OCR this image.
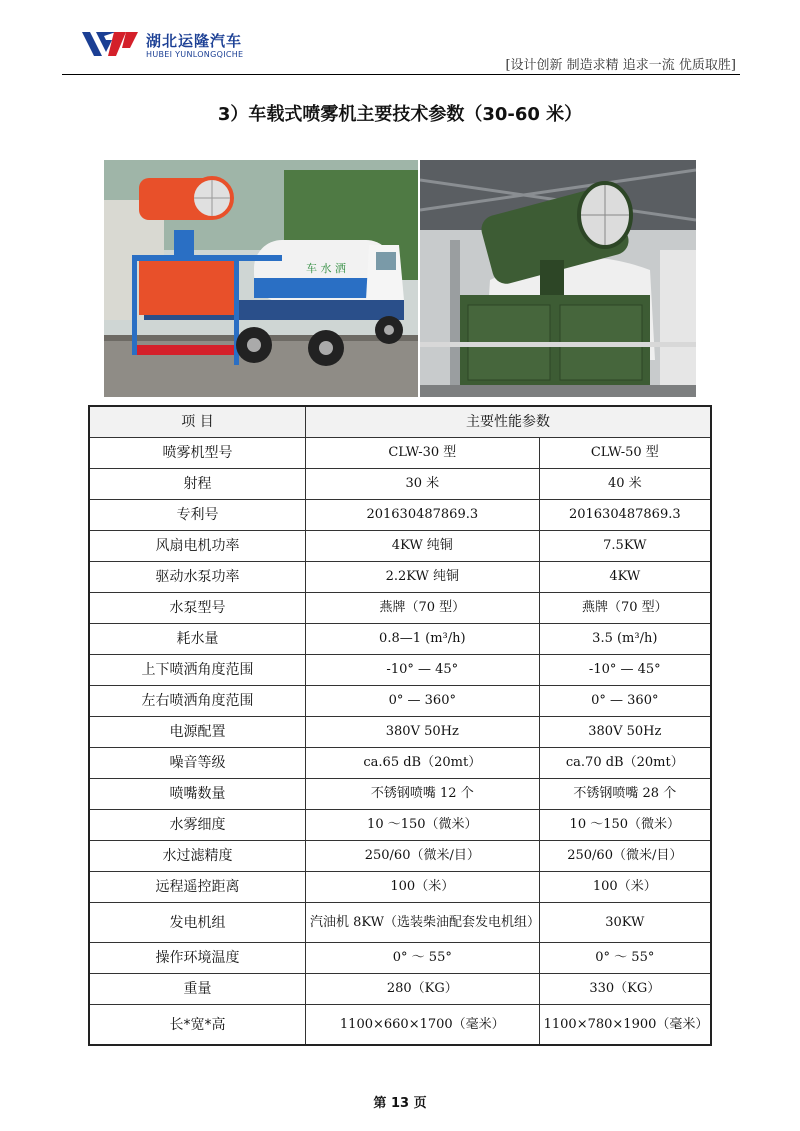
湖北运隆汽车
HUBEI YUNLONGQICHE
[设计创新 制造求精 追求一流 优质取胜]
3）车载式喷雾机主要技术参数（30-60 米）
车 水 洒
项 目	主要性能参数	
喷雾机型号	CLW-30 型	CLW-50 型
射程	30 米	40 米
专利号	201630487869.3	201630487869.3
风扇电机功率	4KW 纯铜	7.5KW
驱动水泵功率	2.2KW 纯铜	4KW
水泵型号	燕牌（70 型）	燕牌（70 型）
耗水量	0.8—1 (m³/h)	3.5 (m³/h)
上下喷洒角度范围	-10° — 45°	-10° — 45°
左右喷洒角度范围	0° — 360°	0° — 360°
电源配置	380V 50Hz	380V 50Hz
噪音等级	ca.65 dB（20mt）	ca.70 dB（20mt）
喷嘴数量	不锈钢喷嘴 12 个	不锈钢喷嘴 28 个
水雾细度	10 ～150（微米）	10 ～150（微米）
水过滤精度	250/60（微米/目）	250/60（微米/目）
远程遥控距离	100（米）	100（米）
发电机组	汽油机 8KW（选装柴油配套发电机组）	30KW
操作环境温度	0° ～ 55°	0° ～ 55°
重量	280（KG）	330（KG）
长*宽*高	1100×660×1700（毫米）	1100×780×1900（毫米）
第 13 页
